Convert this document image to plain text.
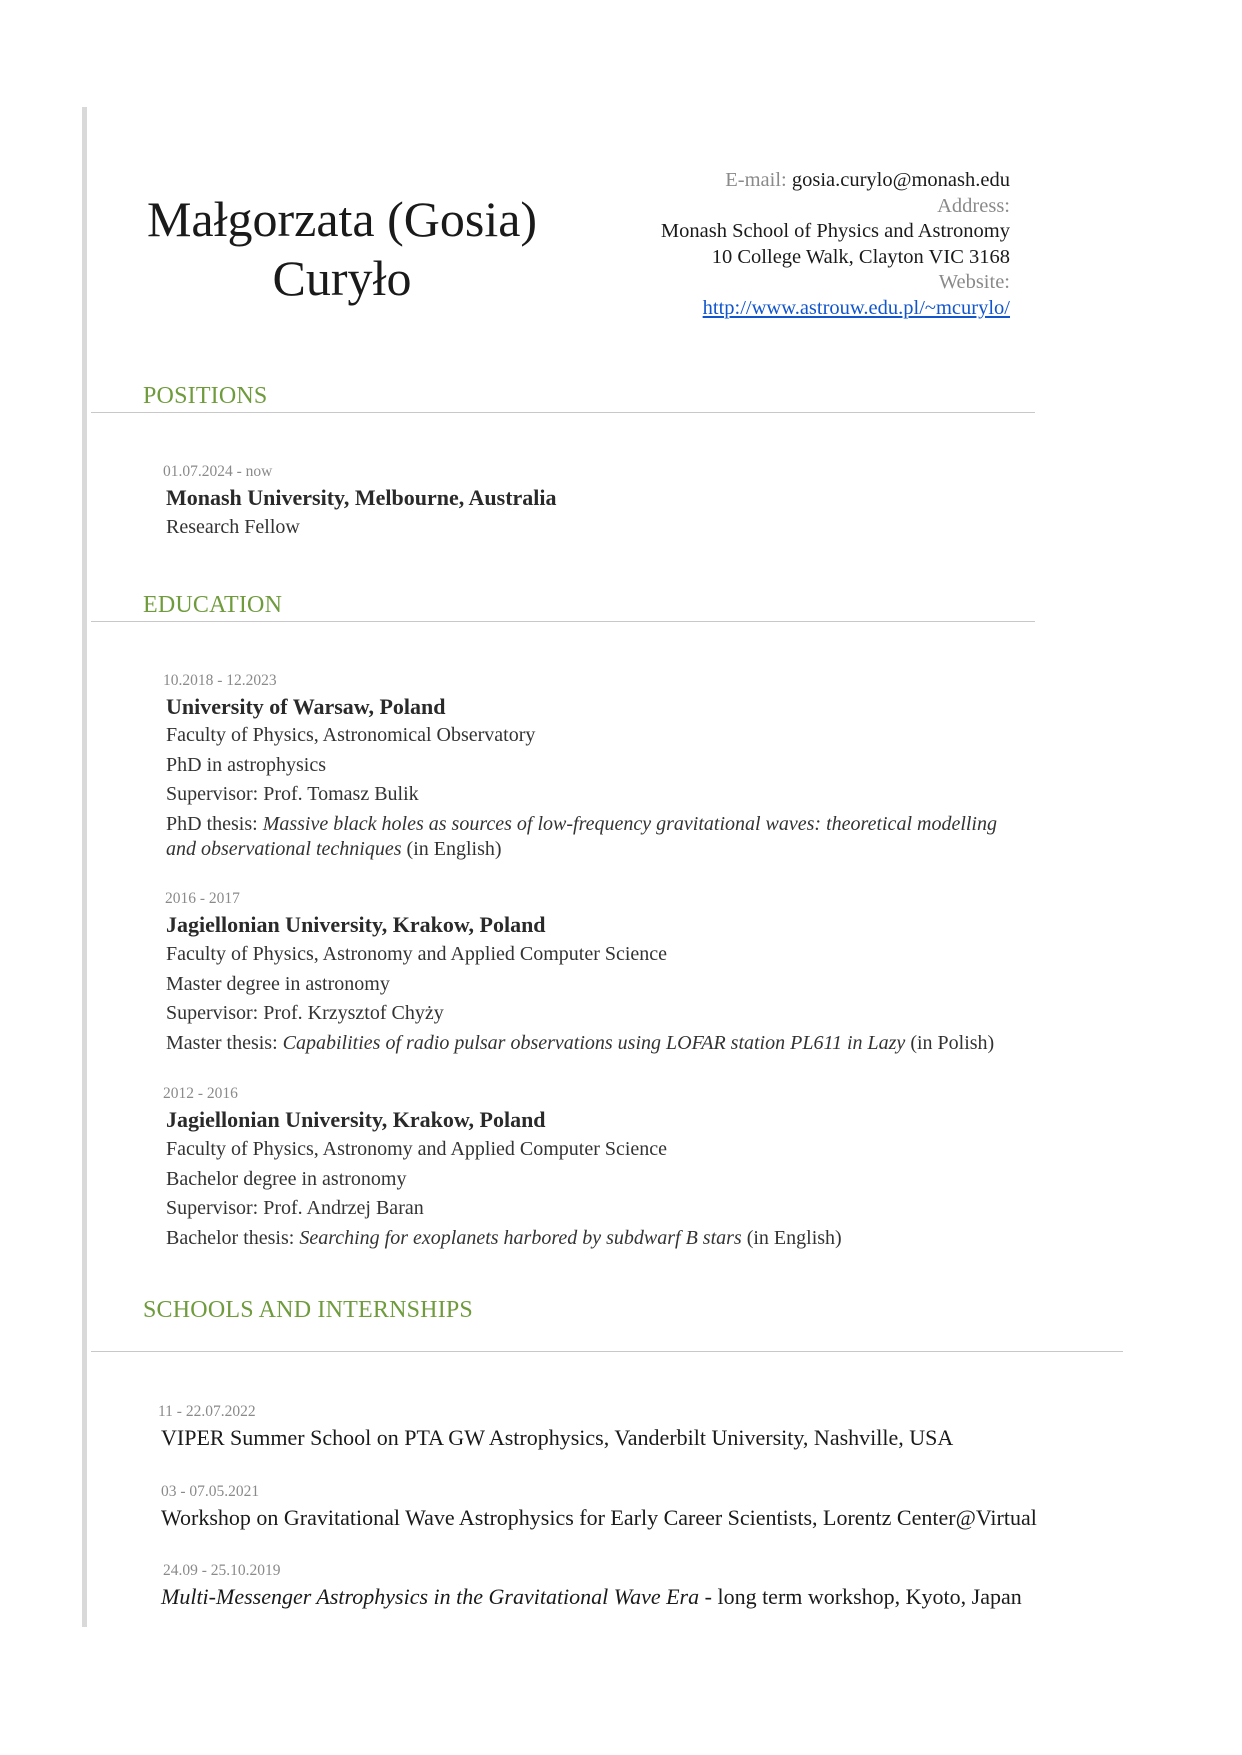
Małgorzata (Gosia)
Curyło
E-mail: gosia.curylo@monash.edu
Address:
Monash School of Physics and Astronomy
10 College Walk, Clayton VIC 3168
Website:
http://www.astrouw.edu.pl/~mcurylo/
POSITIONS
01.07.2024 - now
Monash University, Melbourne, Australia
Research Fellow
EDUCATION
10.2018 - 12.2023
University of Warsaw, Poland
Faculty of Physics, Astronomical Observatory
PhD in astrophysics
Supervisor: Prof. Tomasz Bulik
PhD thesis: Massive black holes as sources of low-frequency gravitational waves: theoretical modelling
and observational techniques (in English)
2016 - 2017
Jagiellonian University, Krakow, Poland
Faculty of Physics, Astronomy and Applied Computer Science
Master degree in astronomy
Supervisor: Prof. Krzysztof Chyży
Master thesis: Capabilities of radio pulsar observations using LOFAR station PL611 in Lazy (in Polish)
2012 - 2016
Jagiellonian University, Krakow, Poland
Faculty of Physics, Astronomy and Applied Computer Science
Bachelor degree in astronomy
Supervisor: Prof. Andrzej Baran
Bachelor thesis: Searching for exoplanets harbored by subdwarf B stars (in English)
SCHOOLS AND INTERNSHIPS
11 - 22.07.2022
VIPER Summer School on PTA GW Astrophysics, Vanderbilt University, Nashville, USA
03 - 07.05.2021
Workshop on Gravitational Wave Astrophysics for Early Career Scientists, Lorentz Center@Virtual
24.09 - 25.10.2019
Multi-Messenger Astrophysics in the Gravitational Wave Era - long term workshop, Kyoto, Japan
